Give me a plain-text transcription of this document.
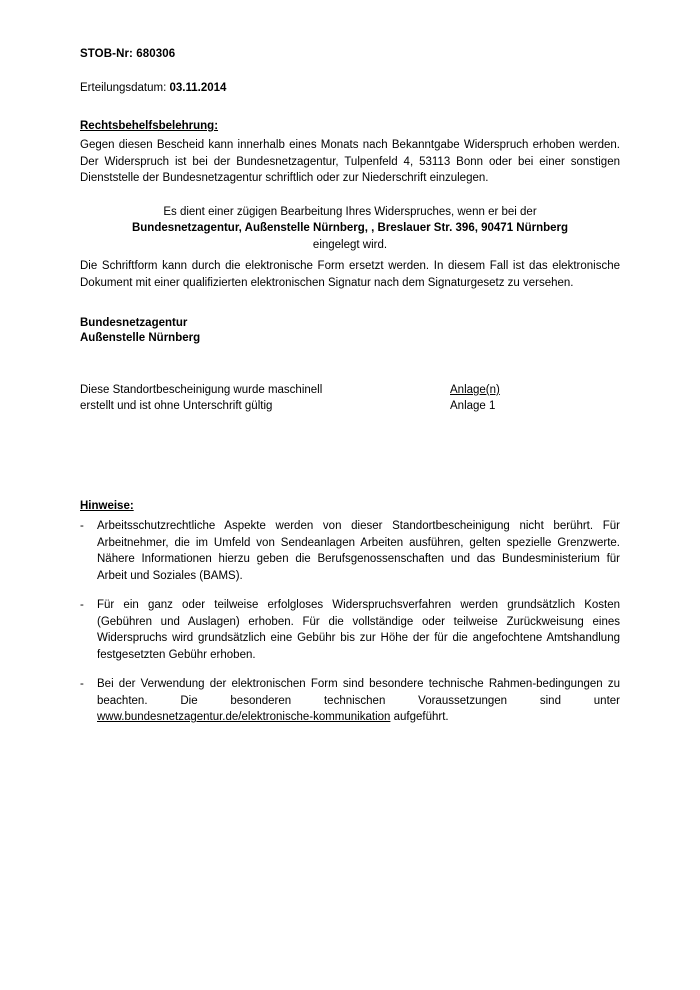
STOB-Nr: 680306
Erteilungsdatum: 03.11.2014
Rechtsbehelfsbelehrung:
Gegen diesen Bescheid kann innerhalb eines Monats nach Bekanntgabe Widerspruch erhoben werden. Der Widerspruch ist bei der Bundesnetzagentur, Tulpenfeld 4, 53113 Bonn oder bei einer sonstigen Dienststelle der Bundesnetzagentur schriftlich oder zur Niederschrift einzulegen.
Es dient einer zügigen Bearbeitung Ihres Widerspruches, wenn er bei der
Bundesnetzagentur, Außenstelle Nürnberg, , Breslauer Str. 396, 90471 Nürnberg
eingelegt wird.
Die Schriftform kann durch die elektronische Form ersetzt werden. In diesem Fall ist das elektronische Dokument mit einer qualifizierten elektronischen Signatur nach dem Signaturgesetz zu versehen.
Bundesnetzagentur
Außenstelle Nürnberg
Diese Standortbescheinigung wurde maschinell
erstellt und ist ohne Unterschrift gültig
Anlage(n)
Anlage 1
Hinweise:
-	Arbeitsschutzrechtliche Aspekte werden von dieser Standortbescheinigung nicht berührt. Für Arbeitnehmer, die im Umfeld von Sendeanlagen Arbeiten ausführen, gelten spezielle Grenzwerte. Nähere Informationen hierzu geben die Berufsgenossenschaften und das Bundesministerium für Arbeit und Soziales (BAMS).
-	Für ein ganz oder teilweise erfolgloses Widerspruchsverfahren werden grundsätzlich Kosten (Gebühren und Auslagen) erhoben. Für die vollständige oder teilweise Zurückweisung eines Widerspruchs wird grundsätzlich eine Gebühr bis zur Höhe der für die angefochtene Amtshandlung festgesetzten Gebühr erhoben.
-	Bei der Verwendung der elektronischen Form sind besondere technische Rahmen-bedingungen zu beachten. Die besonderen technischen Voraussetzungen sind unter www.bundesnetzagentur.de/elektronische-kommunikation aufgeführt.
